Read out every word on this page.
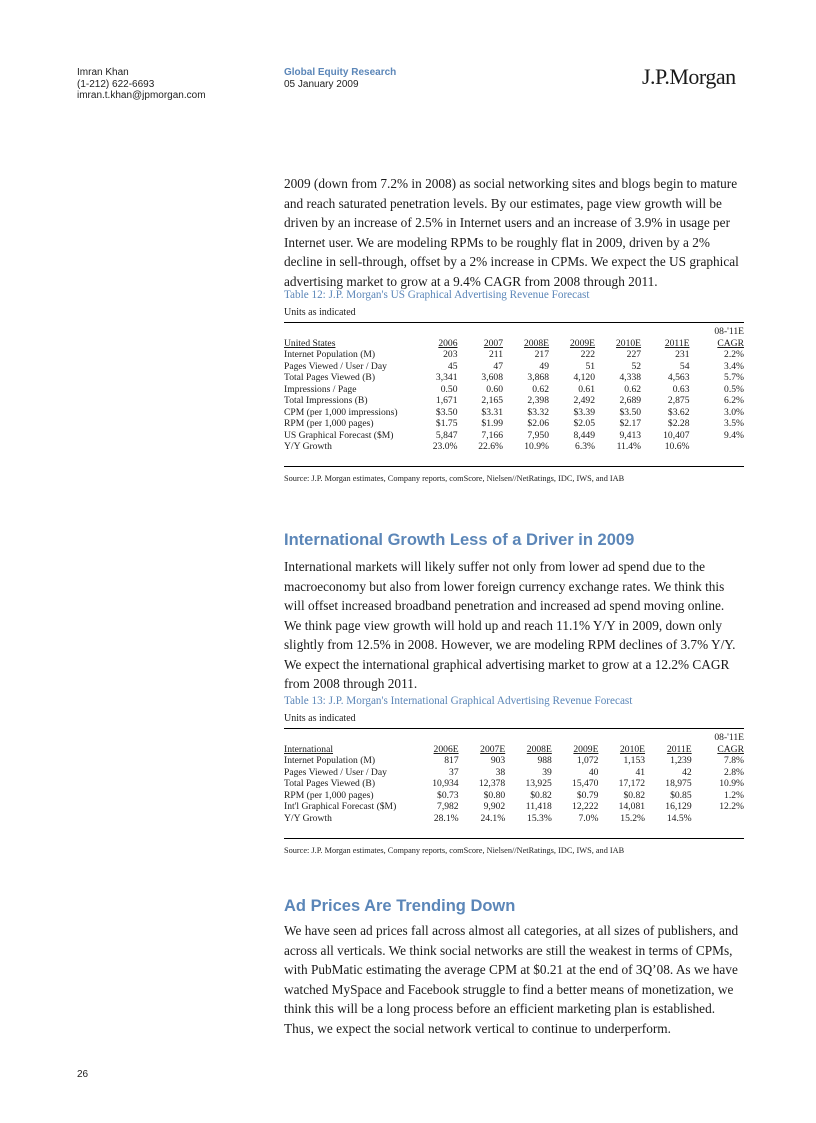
Imran Khan
(1-212) 622-6693
imran.t.khan@jpmorgan.com
Global Equity Research
05 January 2009	J.P.Morgan

2009 (down from 7.2% in 2008) as social networking sites and blogs begin to mature and reach saturated penetration levels. By our estimates, page view growth will be driven by an increase of 2.5% in Internet users and an increase of 3.9% in usage per Internet user. We are modeling RPMs to be roughly flat in 2009, driven by a 2% decline in sell-through, offset by a 2% increase in CPMs. We expect the US graphical advertising market to grow at a 9.4% CAGR from 2008 through 2011.

Table 12: J.P. Morgan's US Graphical Advertising Revenue Forecast
Units as indicated
							08-'11E
United States	2006	2007	2008E	2009E	2010E	2011E	CAGR
Internet Population (M)	203	211	217	222	227	231	2.2%
Pages Viewed / User / Day	45	47	49	51	52	54	3.4%
Total Pages Viewed (B)	3,341	3,608	3,868	4,120	4,338	4,563	5.7%
Impressions / Page	0.50	0.60	0.62	0.61	0.62	0.63	0.5%
Total Impressions (B)	1,671	2,165	2,398	2,492	2,689	2,875	6.2%
CPM (per 1,000 impressions)	$3.50	$3.31	$3.32	$3.39	$3.50	$3.62	3.0%
RPM (per 1,000 pages)	$1.75	$1.99	$2.06	$2.05	$2.17	$2.28	3.5%
US Graphical Forecast ($M)	5,847	7,166	7,950	8,449	9,413	10,407	9.4%
Y/Y Growth	23.0%	22.6%	10.9%	6.3%	11.4%	10.6%	
Source: J.P. Morgan estimates, Company reports, comScore, Nielsen//NetRatings, IDC, IWS, and IAB
International Growth Less of a Driver in 2009

International markets will likely suffer not only from lower ad spend due to the macroeconomy but also from lower foreign currency exchange rates. We think this will offset increased broadband penetration and increased ad spend moving online. We think page view growth will hold up and reach 11.1% Y/Y in 2009, down only slightly from 12.5% in 2008. However, we are modeling RPM declines of 3.7% Y/Y. We expect the international graphical advertising market to grow at a 12.2% CAGR from 2008 through 2011.

Table 13: J.P. Morgan's International Graphical Advertising Revenue Forecast
Units as indicated
							08-'11E
International	2006E	2007E	2008E	2009E	2010E	2011E	CAGR
Internet Population (M)	817	903	988	1,072	1,153	1,239	7.8%
Pages Viewed / User / Day	37	38	39	40	41	42	2.8%
Total Pages Viewed (B)	10,934	12,378	13,925	15,470	17,172	18,975	10.9%
RPM (per 1,000 pages)	$0.73	$0.80	$0.82	$0.79	$0.82	$0.85	1.2%
Int'l Graphical Forecast ($M)	7,982	9,902	11,418	12,222	14,081	16,129	12.2%
Y/Y Growth	28.1%	24.1%	15.3%	7.0%	15.2%	14.5%	
Source: J.P. Morgan estimates, Company reports, comScore, Nielsen//NetRatings, IDC, IWS, and IAB
Ad Prices Are Trending Down

We have seen ad prices fall across almost all categories, at all sizes of publishers, and across all verticals. We think social networks are still the weakest in terms of CPMs, with PubMatic estimating the average CPM at $0.21 at the end of 3Q’08. As we have watched MySpace and Facebook struggle to find a better means of monetization, we think this will be a long process before an efficient marketing plan is established. Thus, we expect the social network vertical to continue to underperform.

26
